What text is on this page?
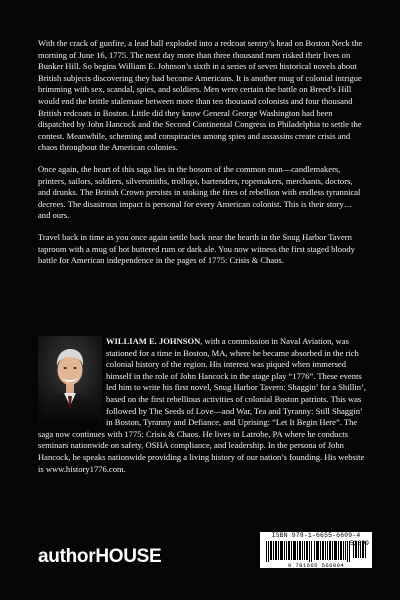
With the crack of gunfire, a lead ball exploded into a redcoat sentry’s head on Boston Neck the morning of June 16, 1775. The next day more than three thousand men risked their lives on Bunker Hill. So begins William E. Johnson’s sixth in a series of seven historical novels about British subjects discovering they had become Americans. It is another mug of colonial intrigue brimming with sex, scandal, spies, and soldiers. Men were certain the battle on Breed’s Hill would end the brittle stalemate between more than ten thousand colonists and four thousand British redcoats in Boston. Little did they know General George Washington had been dispatched by John Hancock and the Second Continental Congress in Philadelphia to settle the contest. Meanwhile, scheming and conspiracies among spies and assassins create crisis and chaos throughout the American colonies.

Once again, the heart of this saga lies in the bosom of the common man—candlemakers, printers, sailors, soldiers, silversmiths, trollops, bartenders, ropemakers, merchants, doctors, and drunks. The British Crown persists in stoking the fires of rebellion with endless tyrannical decrees. The disastrous impact is personal for every American colonist. This is their story…and ours.

Travel back in time as you once again settle back near the hearth in the Snug Harbor Tavern taproom with a mug of hot buttered rum or dark ale. You now witness the first staged bloody battle for American independence in the pages of 1775: Crisis & Chaos.

WILLIAM E. JOHNSON, with a commission in Naval Aviation, was stationed for a time in Boston, MA, where he became absorbed in the rich colonial history of the region. His interest was piqued when immersed himself in the role of John Hancock in the stage play “1776”. These events led him to write his first novel, Snug Harbor Tavern: Shaggin’ for a Shillin’, based on the first rebellious activities of colonial Boston patriots. This was followed by The Seeds of Love—and War, Tea and Tyranny: Still Shaggin’ in Boston, Tyranny and Defiance, and Uprising: “Let It Begin Here”. The saga now continues with 1775: Crisis & Chaos. He lives in Latrobe, PA where he conducts seminars nationwide on safety, OSHA compliance, and leadership. In the persona of John Hancock, he speaks nationwide providing a living history of our nation’s founding. His website is www.history1776.com.
ISBN 978-1-6655-6609-4
52899
9 781665 566094
authorHOUSE
